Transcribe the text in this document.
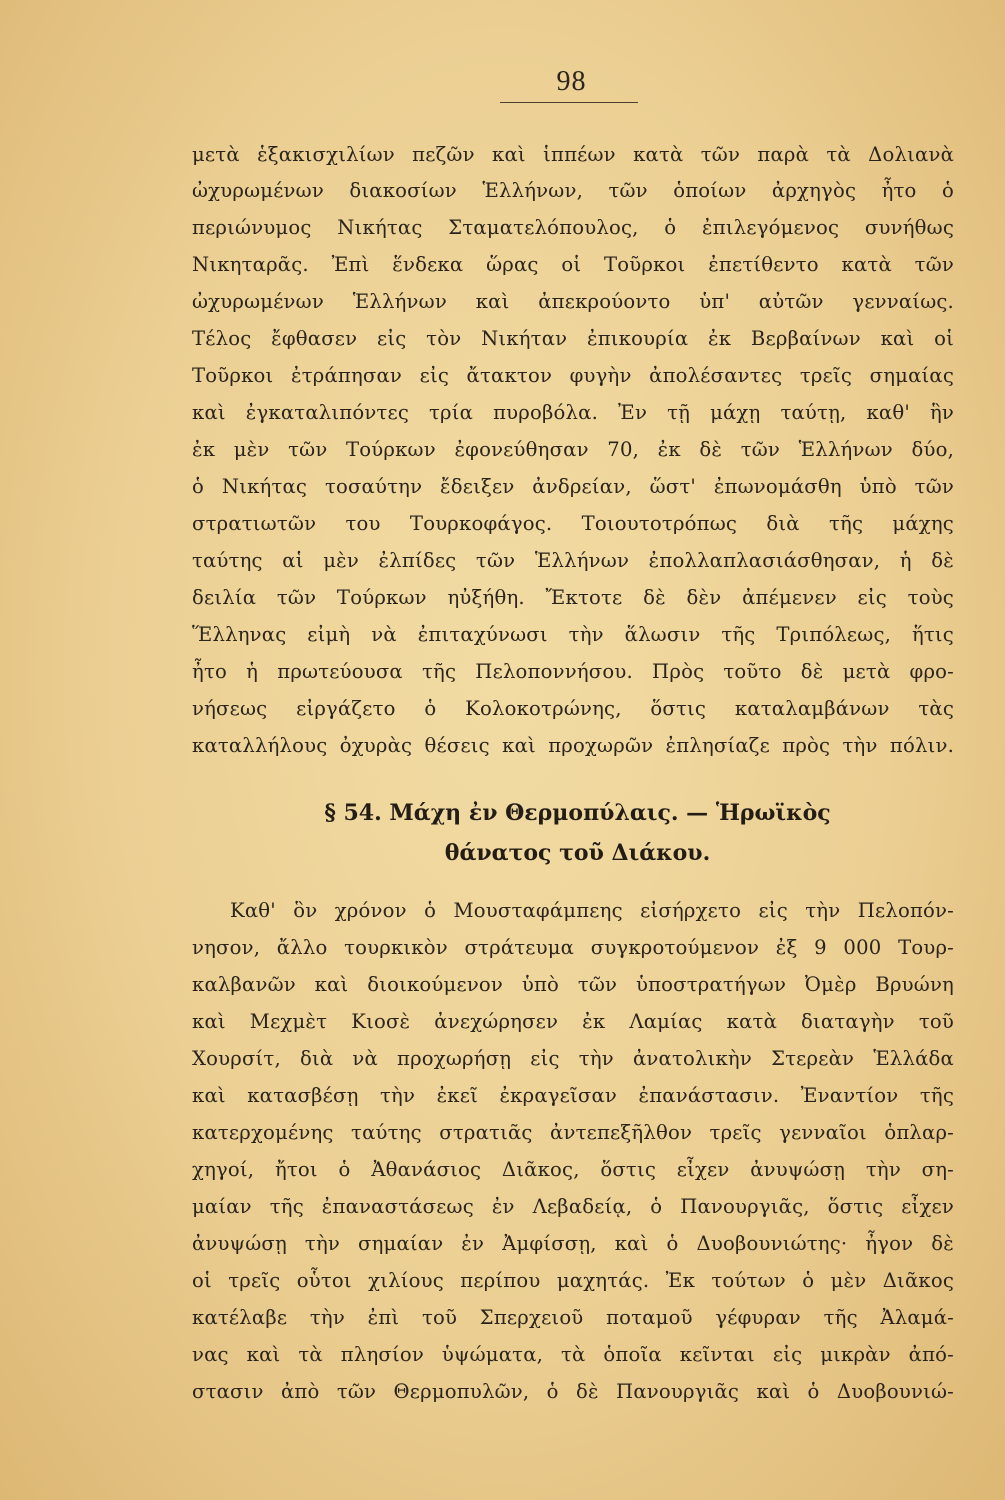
98
μετὰ ἑξακισχιλίων πεζῶν καὶ ἱππέων κατὰ τῶν παρὰ τὰ Δολιανὰ
ὠχυρωμένων διακοσίων Ἑλλήνων, τῶν ὁποίων ἀρχηγὸς ἦτο ὁ
περιώνυμος Νικήτας Σταματελόπουλος, ὁ ἐπιλεγόμενος συνήθως
Νικηταρᾶς. Ἐπὶ ἕνδεκα ὥρας οἱ Τοῦρκοι ἐπετίθεντο κατὰ τῶν
ὠχυρωμένων Ἑλλήνων καὶ ἀπεκρούοντο ὑπ' αὐτῶν γενναίως.
Τέλος ἔφθασεν εἰς τὸν Νικήταν ἐπικουρία ἐκ Βερβαίνων καὶ οἱ
Τοῦρκοι ἐτράπησαν εἰς ἄτακτον φυγὴν ἀπολέσαντες τρεῖς σημαίας
καὶ ἐγκαταλιπόντες τρία πυροβόλα. Ἐν τῇ μάχῃ ταύτῃ, καθ' ἣν
ἐκ μὲν τῶν Τούρκων ἐφονεύθησαν 70, ἐκ δὲ τῶν Ἑλλήνων δύο,
ὁ Νικήτας τοσαύτην ἔδειξεν ἀνδρείαν, ὥστ' ἐπωνομάσθη ὑπὸ τῶν
στρατιωτῶν του Τουρκοφάγος. Τοιουτοτρόπως διὰ τῆς μάχης
ταύτης αἱ μὲν ἐλπίδες τῶν Ἑλλήνων ἐπολλαπλασιάσθησαν, ἡ δὲ
δειλία τῶν Τούρκων ηὐξήθη. Ἔκτοτε δὲ δὲν ἀπέμενεν εἰς τοὺς
Ἕλληνας εἰμὴ νὰ ἐπιταχύνωσι τὴν ἅλωσιν τῆς Τριπόλεως, ἥτις
ἦτο ἡ πρωτεύουσα τῆς Πελοποννήσου. Πρὸς τοῦτο δὲ μετὰ φρο-
νήσεως εἰργάζετο ὁ Κολοκοτρώνης, ὅστις καταλαμβάνων τὰς
καταλλήλους ὀχυρὰς θέσεις καὶ προχωρῶν ἐπλησίαζε πρὸς τὴν πόλιν.
§ 54. Μάχη ἐν Θερμοπύλαις. — Ἡρωϊκὸς
θάνατος τοῦ Διάκου.
Καθ' ὃν χρόνον ὁ Μουσταφάμπεης εἰσήρχετο εἰς τὴν Πελοπόν-
νησον, ἄλλο τουρκικὸν στράτευμα συγκροτούμενον ἐξ 9 000 Τουρ-
καλβανῶν καὶ διοικούμενον ὑπὸ τῶν ὑποστρατήγων Ὀμὲρ Βρυώνη
καὶ Μεχμὲτ Κιοσὲ ἀνεχώρησεν ἐκ Λαμίας κατὰ διαταγὴν τοῦ
Χουρσίτ, διὰ νὰ προχωρήσῃ εἰς τὴν ἀνατολικὴν Στερεὰν Ἑλλάδα
καὶ κατασβέσῃ τὴν ἐκεῖ ἐκραγεῖσαν ἐπανάστασιν. Ἐναντίον τῆς
κατερχομένης ταύτης στρατιᾶς ἀντεπεξῆλθον τρεῖς γενναῖοι ὁπλαρ-
χηγοί, ἤτοι ὁ Ἀθανάσιος Διᾶκος, ὅστις εἶχεν ἀνυψώσῃ τὴν ση-
μαίαν τῆς ἐπαναστάσεως ἐν Λεβαδείᾳ, ὁ Πανουργιᾶς, ὅστις εἶχεν
ἀνυψώσῃ τὴν σημαίαν ἐν Ἀμφίσσῃ, καὶ ὁ Δυοβουνιώτης· ἦγον δὲ
οἱ τρεῖς οὗτοι χιλίους περίπου μαχητάς. Ἐκ τούτων ὁ μὲν Διᾶκος
κατέλαβε τὴν ἐπὶ τοῦ Σπερχειοῦ ποταμοῦ γέφυραν τῆς Ἀλαμά-
νας καὶ τὰ πλησίον ὑψώματα, τὰ ὁποῖα κεῖνται εἰς μικρὰν ἀπό-
στασιν ἀπὸ τῶν Θερμοπυλῶν, ὁ δὲ Πανουργιᾶς καὶ ὁ Δυοβουνιώ-
